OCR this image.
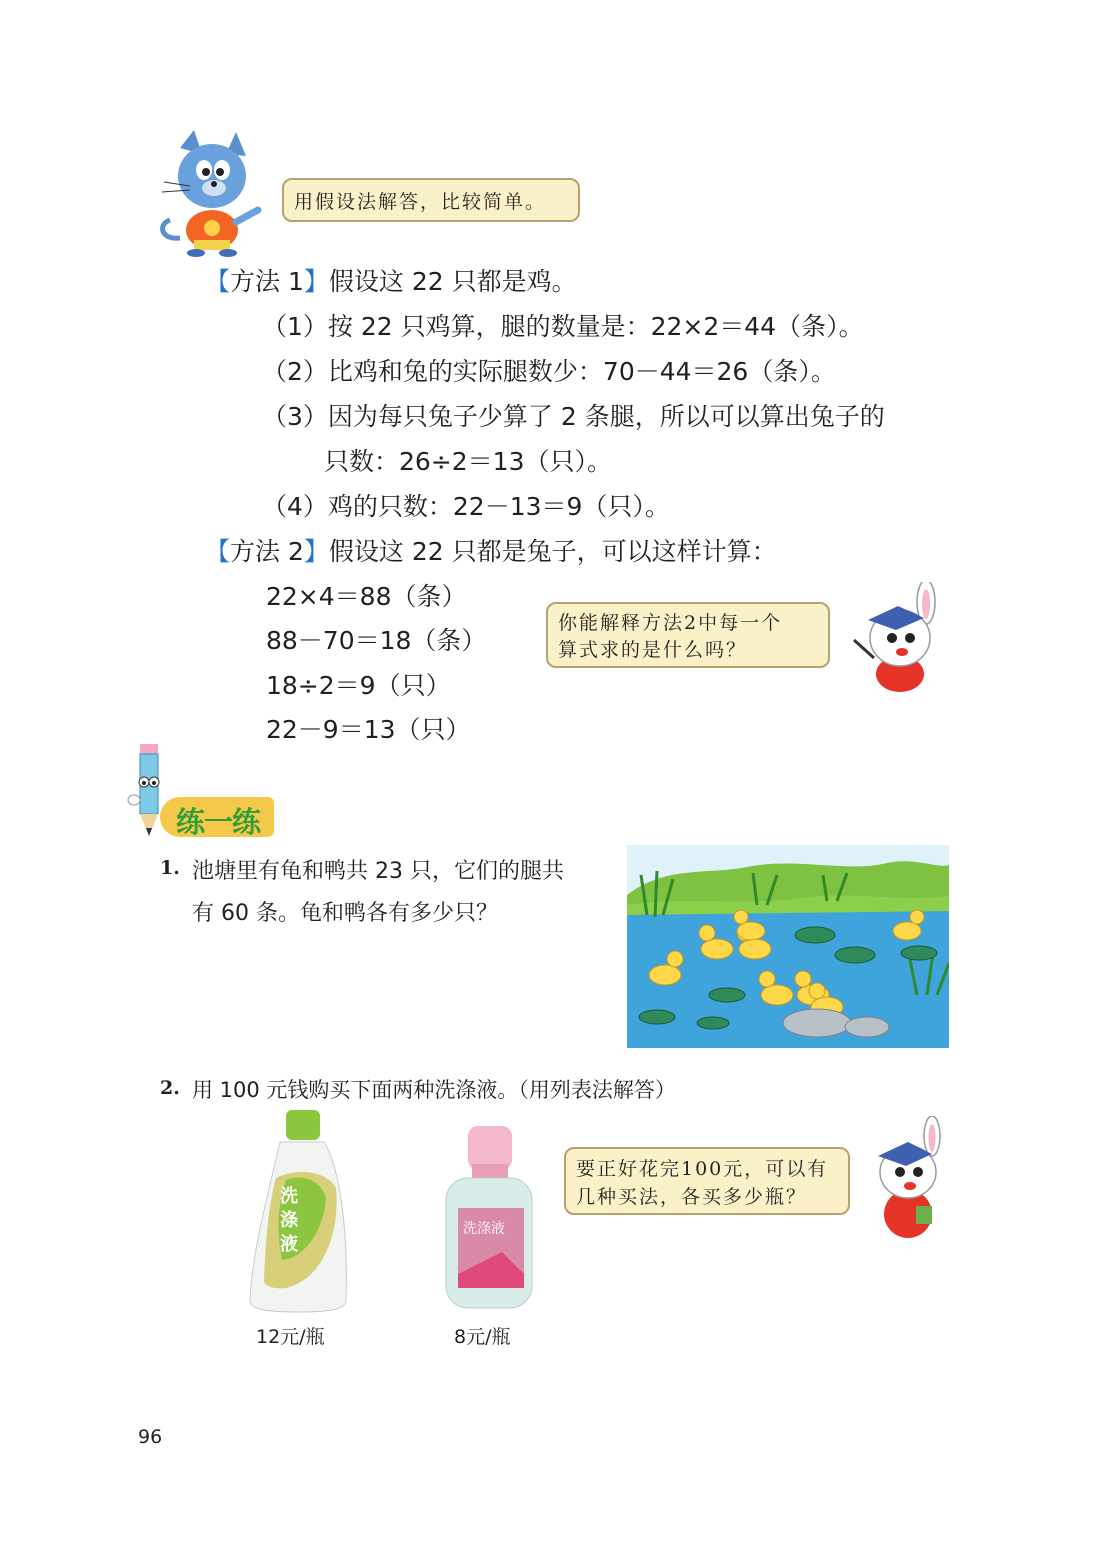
用假设法解答，比较简单。
【方法 1】假设这 22 只都是鸡。
（1）按 22 只鸡算，腿的数量是：22×2＝44（条）。
（2）比鸡和兔的实际腿数少：70－44＝26（条）。
（3）因为每只兔子少算了 2 条腿，所以可以算出兔子的
只数：26÷2＝13（只）。
（4）鸡的只数：22－13＝9（只）。
【方法 2】假设这 22 只都是兔子，可以这样计算：
22×4＝88（条）
88－70＝18（条）
18÷2＝9（只）
22－9＝13（只）
你能解释方法2中每一个
算式求的是什么吗？
练一练
1. 池塘里有龟和鸭共 23 只，它们的腿共
有 60 条。龟和鸭各有多少只？
2. 用 100 元钱购买下面两种洗涤液。（用列表法解答）
洗
涤
液
12元/瓶
洗涤液
8元/瓶
要正好花完100元，可以有
几种买法，各买多少瓶？
96
